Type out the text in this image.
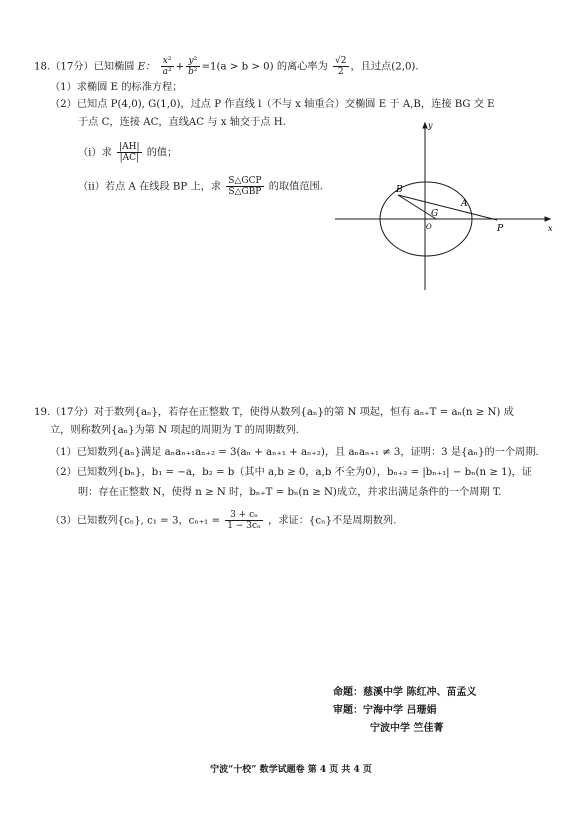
18.（17分）已知椭圆 E： $\frac{\text{x²}}{\text{a²}} + \frac{\text{y²}}{\text{b²}} =1(a > b > 0)$ 的离心率为 $\frac{√2}{2}$ ，且过点(2,0).
（1）求椭圆 E 的标准方程；
（2）已知点 P(4,0), G(1,0)，过点 P 作直线 l（不与 x 轴重合）交椭圆 E 于 A,B，连接 BG 交 E
于点 C，连接 AC，直线AC 与 x 轴交于点 H.
（i）求 $\frac{|AH|}{|AC|}$ 的值；
（ii）若点 A 在线段 BP 上，求 $\frac{\text{S△GCP}}{\text{S△GBP}}$ 的取值范围.
y
x
B
A
G
O	P
19.（17分）对于数列{aₙ}，若存在正整数 T，使得从数列{aₙ}的第 N 项起，恒有 aₙ₊T = aₙ(n ≥ N) 成
立，则称数列{aₙ}为第 N 项起的周期为 T 的周期数列.
（1）已知数列{aₙ}满足 aₙaₙ₊₁aₙ₊₂ = 3(aₙ + aₙ₊₁ + aₙ₊₂)，且 aₙaₙ₊₁ ≠ 3，证明：3 是{aₙ}的一个周期.
（2）已知数列{bₙ}，b₁ = −a，b₂ = b（其中 a,b ≥ 0，a,b 不全为0），bₙ₊₂ = |bₙ₊₁| − bₙ(n ≥ 1)，证
明：存在正整数 N，使得 n ≥ N 时，bₙ₊T = bₙ(n ≥ N)成立，并求出满足条件的一个周期 T.
（3）已知数列{cₙ}, c₁ = 3，$c_{n+1} = \frac{\text{3 + cₙ}}{\text{1 − 3cₙ}}$ ，求证：{cₙ}不是周期数列.
命题：慈溪中学 陈红冲、苗孟义
审题：宁海中学 吕珊娟
宁波中学 竺佳菁
宁波“十校” 数学试题卷 第 4 页 共 4 页
